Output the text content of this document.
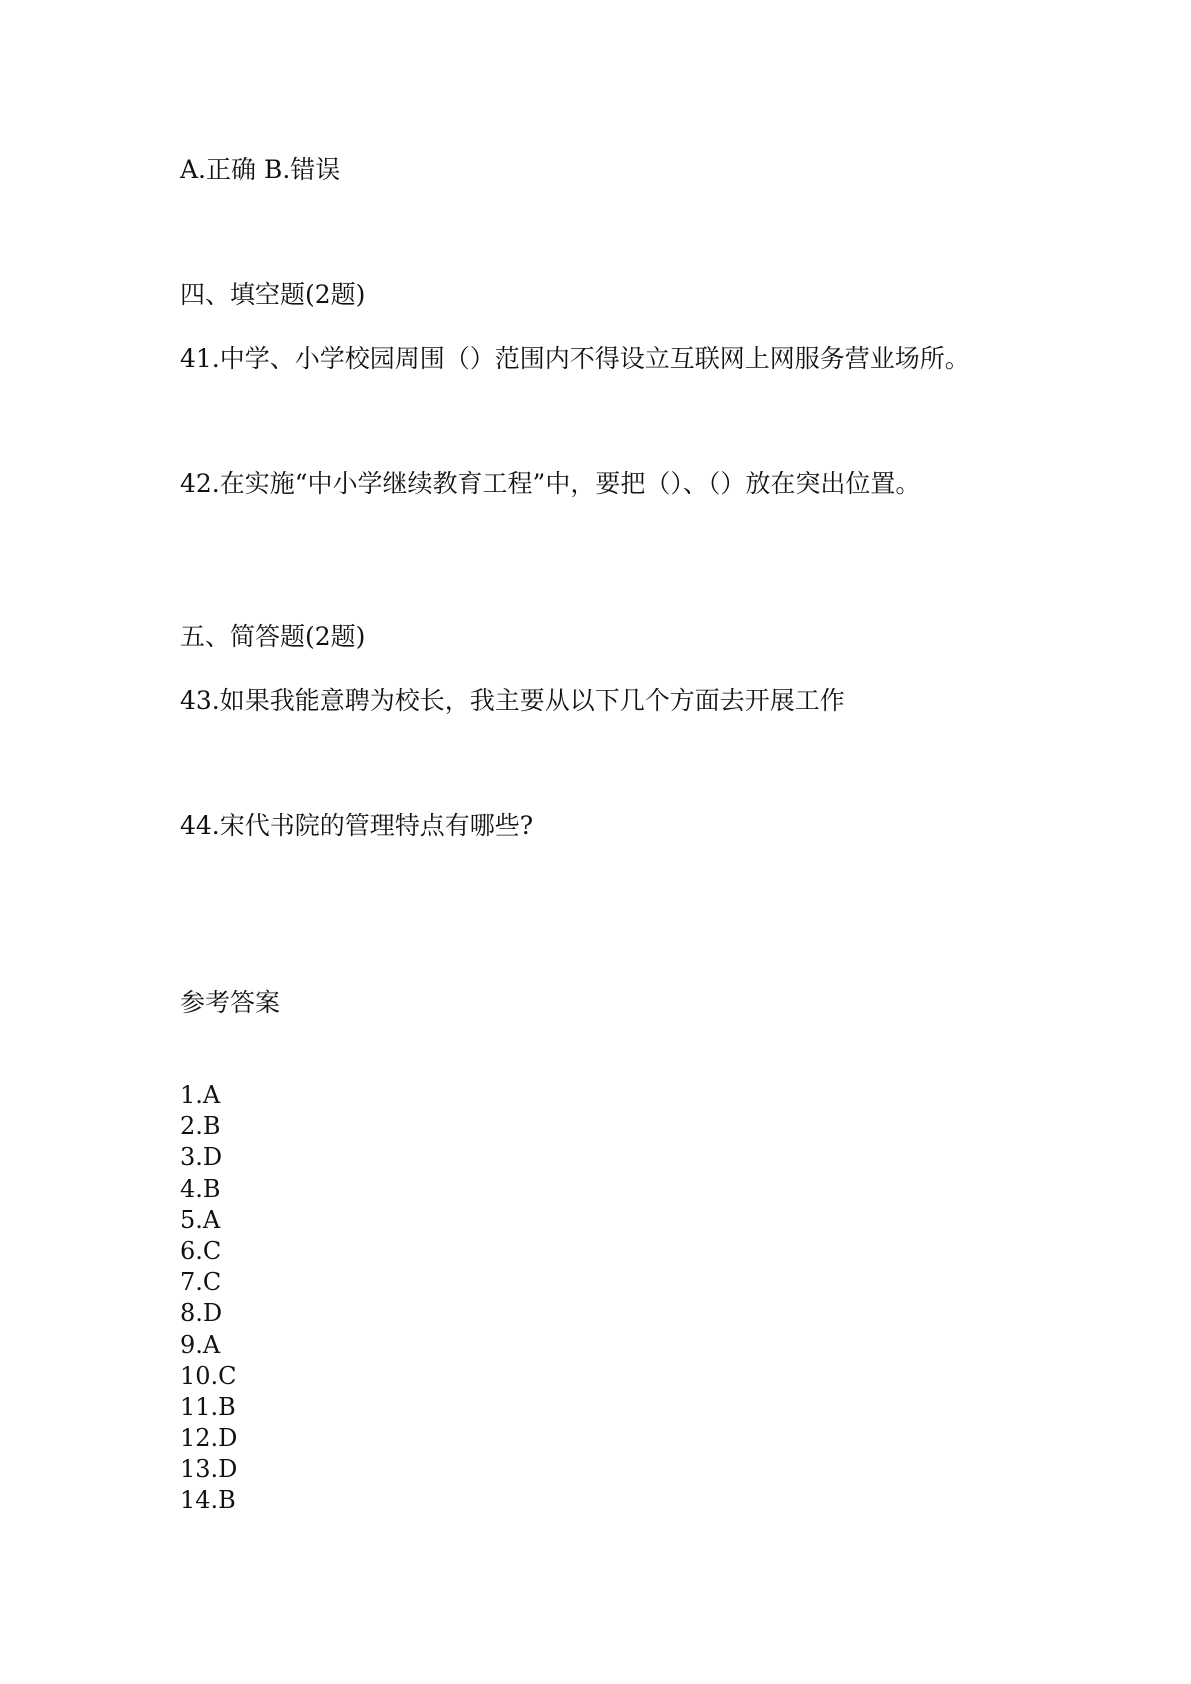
A.正确 B.错误
四、填空题(2题)
41.中学、小学校园周围（）范围内不得设立互联网上网服务营业场所。
42.在实施“中小学继续教育工程”中，要把（）、（）放在突出位置。
五、简答题(2题)
43.如果我能意聘为校长，我主要从以下几个方面去开展工作
44.宋代书院的管理特点有哪些?
参考答案
1.A
2.B
3.D
4.B
5.A
6.C
7.C
8.D
9.A
10.C
11.B
12.D
13.D
14.B
